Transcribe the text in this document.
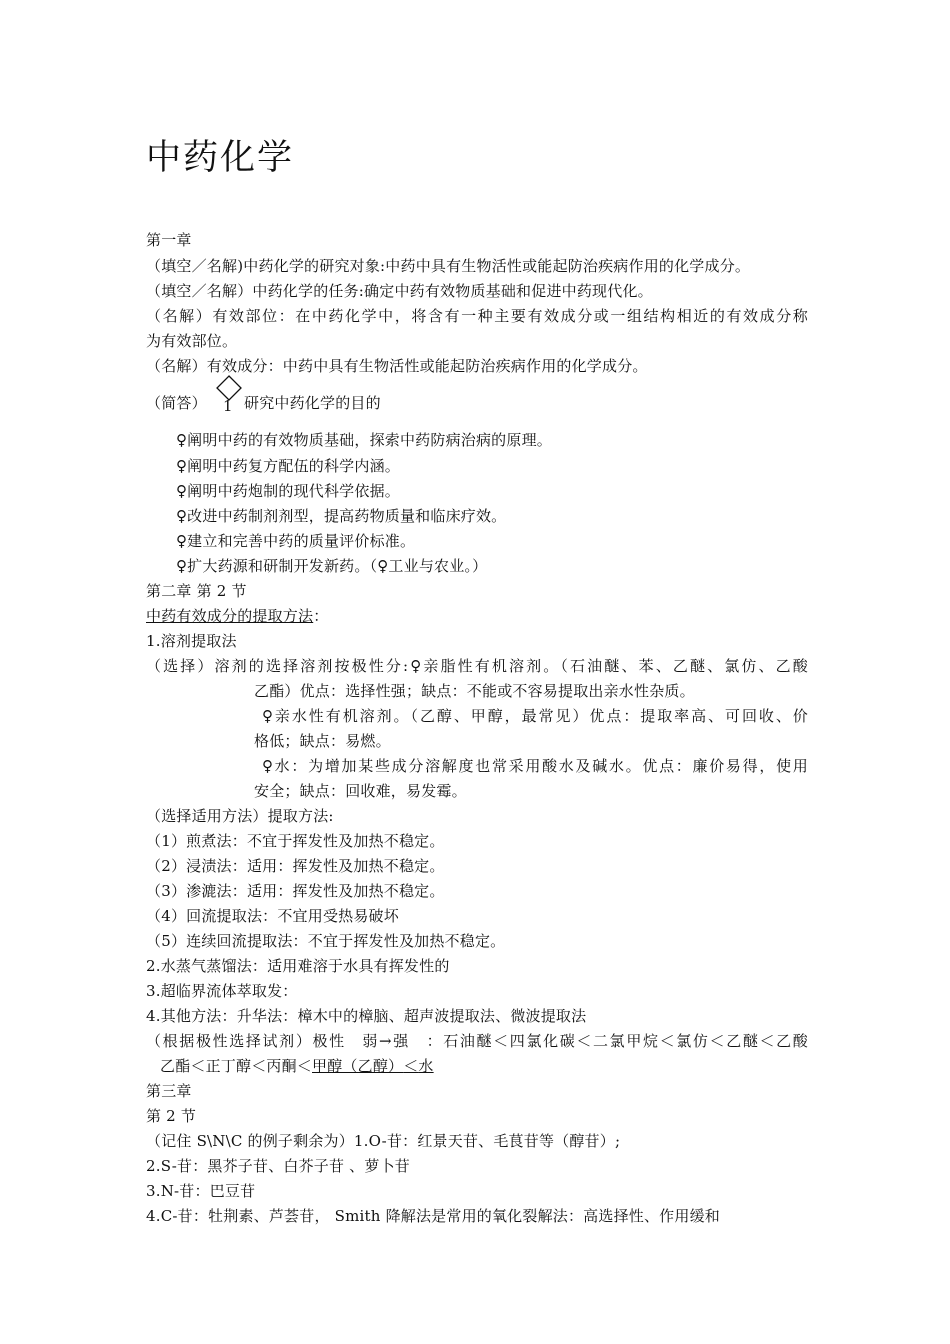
中药化学
第一章
（填空／名解)中药化学的研究对象:中药中具有生物活性或能起防治疾病作用的化学成分。
（填空／名解）中药化学的任务:确定中药有效物质基础和促进中药现代化。
（名解）有效部位：在中药化学中，将含有一种主要有效成分或一组结构相近的有效成分称
为有效部位。
（名解）有效成分：中药中具有生物活性或能起防治疾病作用的化学成分。
（简答） 1 研究中药化学的目的
♀阐明中药的有效物质基础，探索中药防病治病的原理。
♀阐明中药复方配伍的科学内涵。
♀阐明中药炮制的现代科学依据。
♀改进中药制剂剂型，提高药物质量和临床疗效。
♀建立和完善中药的质量评价标准。
♀扩大药源和研制开发新药。（♀工业与农业。）
第二章 第 2 节
中药有效成分的提取方法：
1.溶剂提取法
（选择）溶剂的选择溶剂按极性分:♀亲脂性有机溶剂。（石油醚、苯、乙醚、氯仿、乙酸
乙酯）优点：选择性强；缺点：不能或不容易提取出亲水性杂质。
♀亲水性有机溶剂。（乙醇、甲醇，最常见）优点：提取率高、可回收、价
格低；缺点：易燃。
♀水：为增加某些成分溶解度也常采用酸水及碱水。优点：廉价易得，使用
安全；缺点：回收难，易发霉。
（选择适用方法）提取方法:
（1）煎煮法：不宜于挥发性及加热不稳定。
（2）浸渍法：适用：挥发性及加热不稳定。
（3）渗漉法：适用：挥发性及加热不稳定。
（4）回流提取法：不宜用受热易破坏
（5）连续回流提取法：不宜于挥发性及加热不稳定。
2.水蒸气蒸馏法：适用难溶于水具有挥发性的
3.超临界流体萃取发：
4.其他方法：升华法：樟木中的樟脑、超声波提取法、微波提取法
（根据极性选择试剂）极性　弱→强　：石油醚＜四氯化碳＜二氯甲烷＜氯仿＜乙醚＜乙酸
乙酯＜正丁醇＜丙酮＜甲醇（乙醇）＜水
第三章
第 2 节
（记住 S\N\C 的例子剩余为）1.O-苷：红景天苷、毛茛苷等（醇苷）;
2.S-苷：黑芥子苷、白芥子苷 、萝卜苷
3.N-苷：巴豆苷
4.C-苷：牡荆素、芦荟苷， Smith 降解法是常用的氧化裂解法：高选择性、作用缓和
